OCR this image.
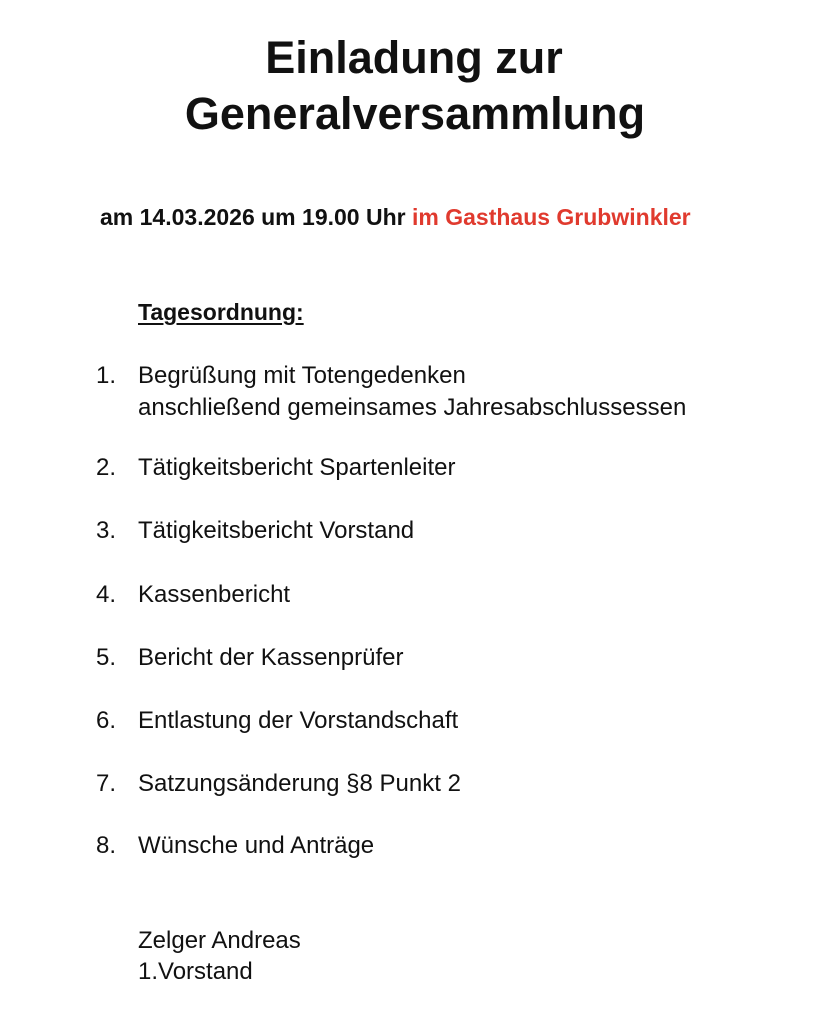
Einladung zur
Generalversammlung
am 14.03.2026 um 19.00 Uhr im Gasthaus Grubwinkler
Tagesordnung:
1. Begrüßung mit Totengedenken
anschließend gemeinsames Jahresabschlussessen
2. Tätigkeitsbericht Spartenleiter
3. Tätigkeitsbericht Vorstand
4. Kassenbericht
5. Bericht der Kassenprüfer
6. Entlastung der Vorstandschaft
7. Satzungsänderung §8 Punkt 2
8. Wünsche und Anträge
Zelger Andreas
1.Vorstand
